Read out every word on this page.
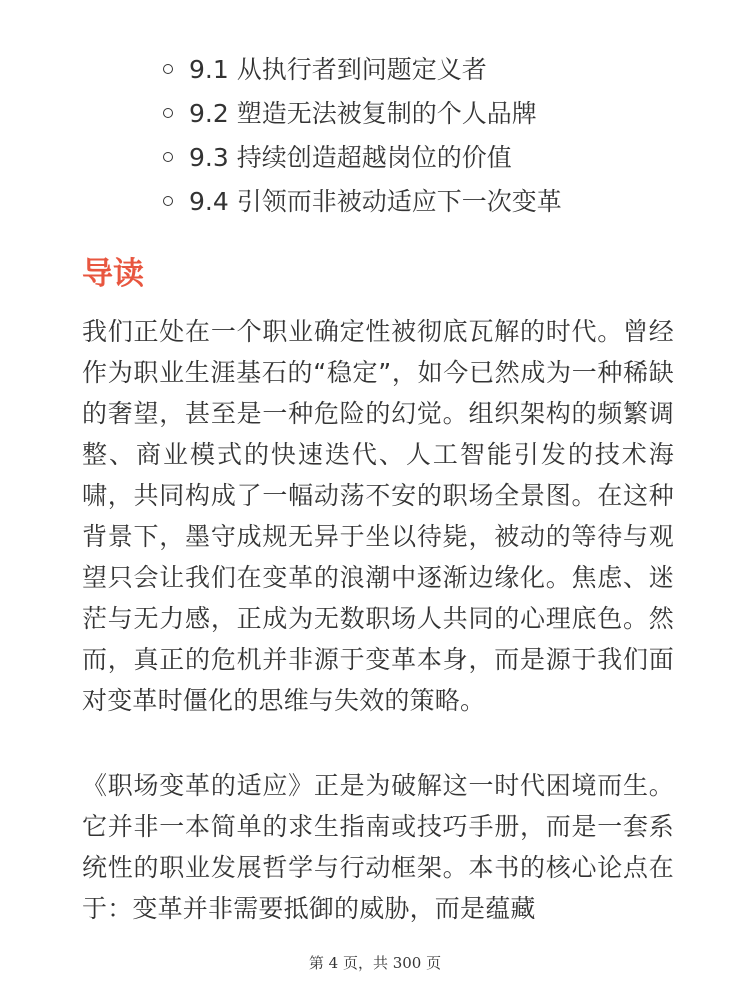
9.1 从执行者到问题定义者
9.2 塑造无法被复制的个人品牌
9.3 持续创造超越岗位的价值
9.4 引领而非被动适应下一次变革
导读

我们正处在一个职业确定性被彻底瓦解的时代。曾经作为职业生涯基石的“稳定”，如今已然成为一种稀缺的奢望，甚至是一种危险的幻觉。组织架构的频繁调整、商业模式的快速迭代、人工智能引发的技术海啸，共同构成了一幅动荡不安的职场全景图。在这种背景下，墨守成规无异于坐以待毙，被动的等待与观望只会让我们在变革的浪潮中逐渐边缘化。焦虑、迷茫与无力感，正成为无数职场人共同的心理底色。然而，真正的危机并非源于变革本身，而是源于我们面对变革时僵化的思维与失效的策略。

《职场变革的适应》正是为破解这一时代困境而生。它并非一本简单的求生指南或技巧手册，而是一套系统性的职业发展哲学与行动框架。本书的核心论点在于：变革并非需要抵御的威胁，而是蕴藏

第 4 页，共 300 页
